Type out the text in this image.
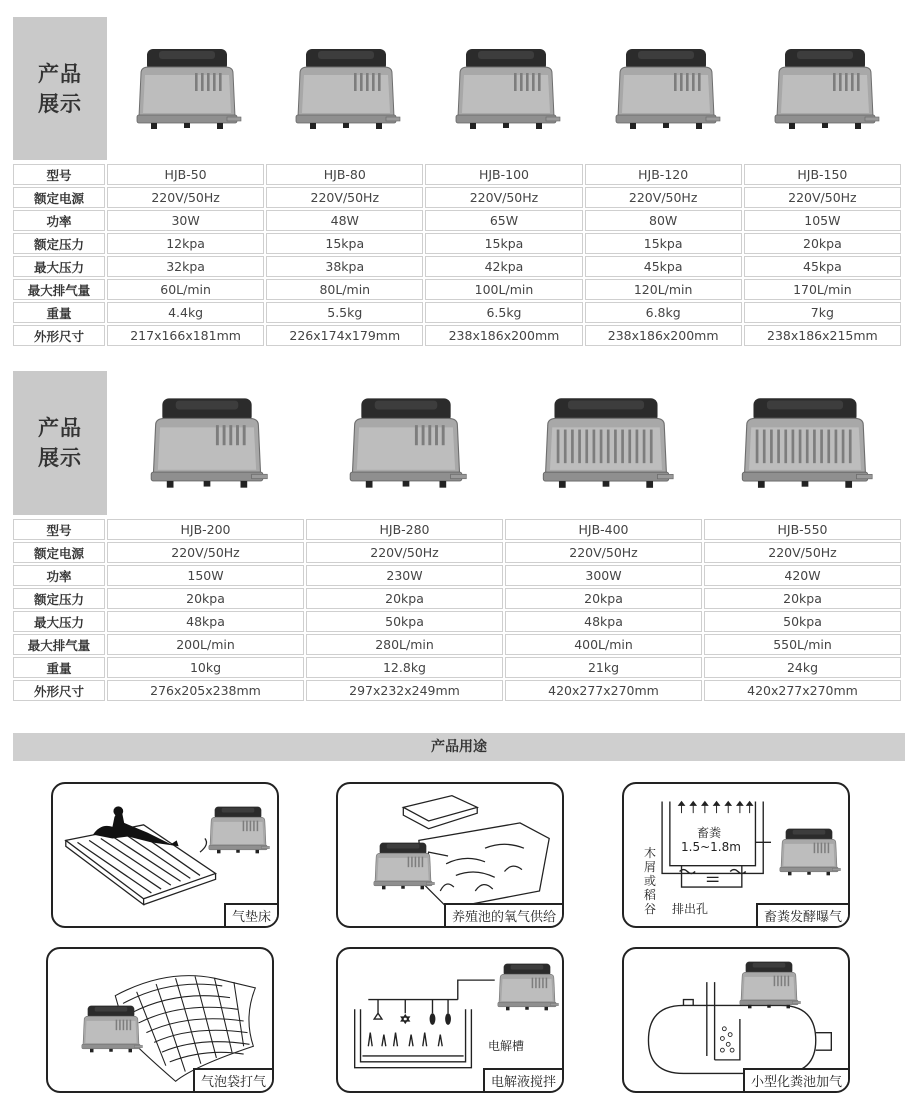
产品
展示
型号	HJB-50	HJB-80	HJB-100	HJB-120	HJB-150
额定电源	220V/50Hz	220V/50Hz	220V/50Hz	220V/50Hz	220V/50Hz
功率	30W	48W	65W	80W	105W
额定压力	12kpa	15kpa	15kpa	15kpa	20kpa
最大压力	32kpa	38kpa	42kpa	45kpa	45kpa
最大排气量	60L/min	80L/min	100L/min	120L/min	170L/min
重量	4.4kg	5.5kg	6.5kg	6.8kg	7kg
外形尺寸	217x166x181mm	226x174x179mm	238x186x200mm	238x186x200mm	238x186x215mm
产品
展示
型号	HJB-200	HJB-280	HJB-400	HJB-550
额定电源	220V/50Hz	220V/50Hz	220V/50Hz	220V/50Hz
功率	150W	230W	300W	420W
额定压力	20kpa	20kpa	20kpa	20kpa
最大压力	48kpa	50kpa	48kpa	50kpa
最大排气量	200L/min	280L/min	400L/min	550L/min
重量	10kg	12.8kg	21kg	24kg
外形尺寸	276x205x238mm	297x232x249mm	420x277x270mm	420x277x270mm
产品用途
气垫床	养殖池的氧气供给
畜粪
1.5~1.8m
木
屑
或
稻
谷 排出孔
畜粪发酵曝气
气泡袋打气
电解槽
电解液搅拌	小型化粪池加气
